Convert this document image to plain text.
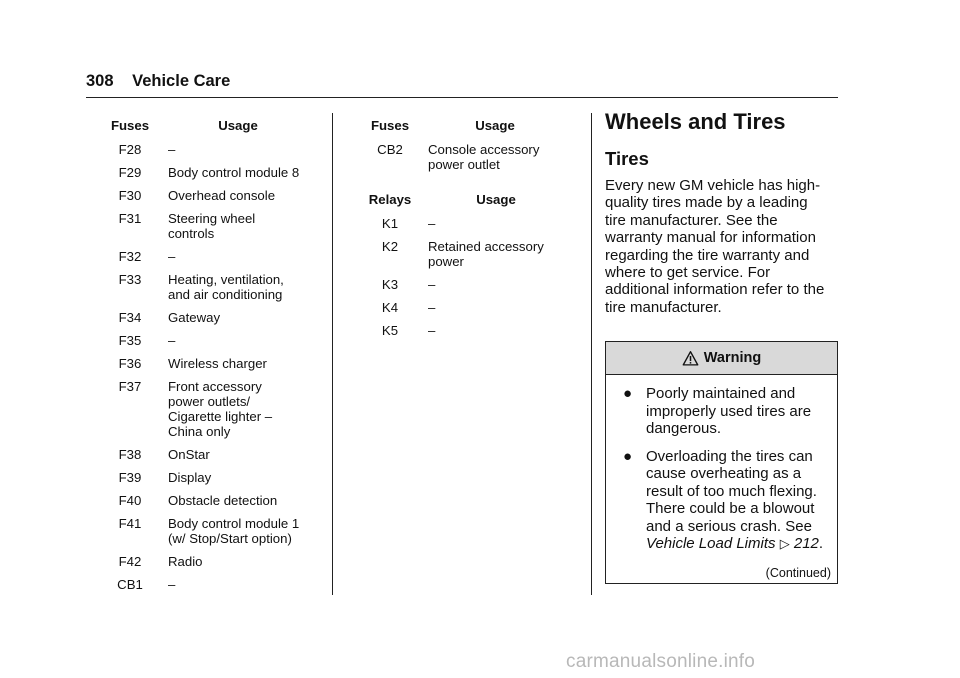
308 Vehicle Care
Fuses	Usage
F28	–
F29	Body control module 8
F30	Overhead console
F31	Steering wheel
controls
F32	–
F33	Heating, ventilation,
and air conditioning
F34	Gateway
F35	–
F36	Wireless charger
F37	Front accessory
power outlets/
Cigarette lighter –
China only
F38	OnStar
F39	Display
F40	Obstacle detection
F41	Body control module 1
(w/ Stop/Start option)
F42	Radio
CB1	–
Fuses	Usage
CB2	Console accessory
power outlet
Relays	Usage
K1	–
K2	Retained accessory
power
K3	–
K4	–
K5	–
Wheels and Tires
Tires
Every new GM vehicle has high-quality tires made by a leading tire manufacturer. See the warranty manual for information regarding the tire warranty and where to get service. For additional information refer to the tire manufacturer.
Warning
● Poorly maintained and improperly used tires are dangerous.
● Overloading the tires can cause overheating as a result of too much flexing. There could be a blowout and a serious crash. See Vehicle Load Limits ▷ 212.
(Continued)
carmanualsonline.info
